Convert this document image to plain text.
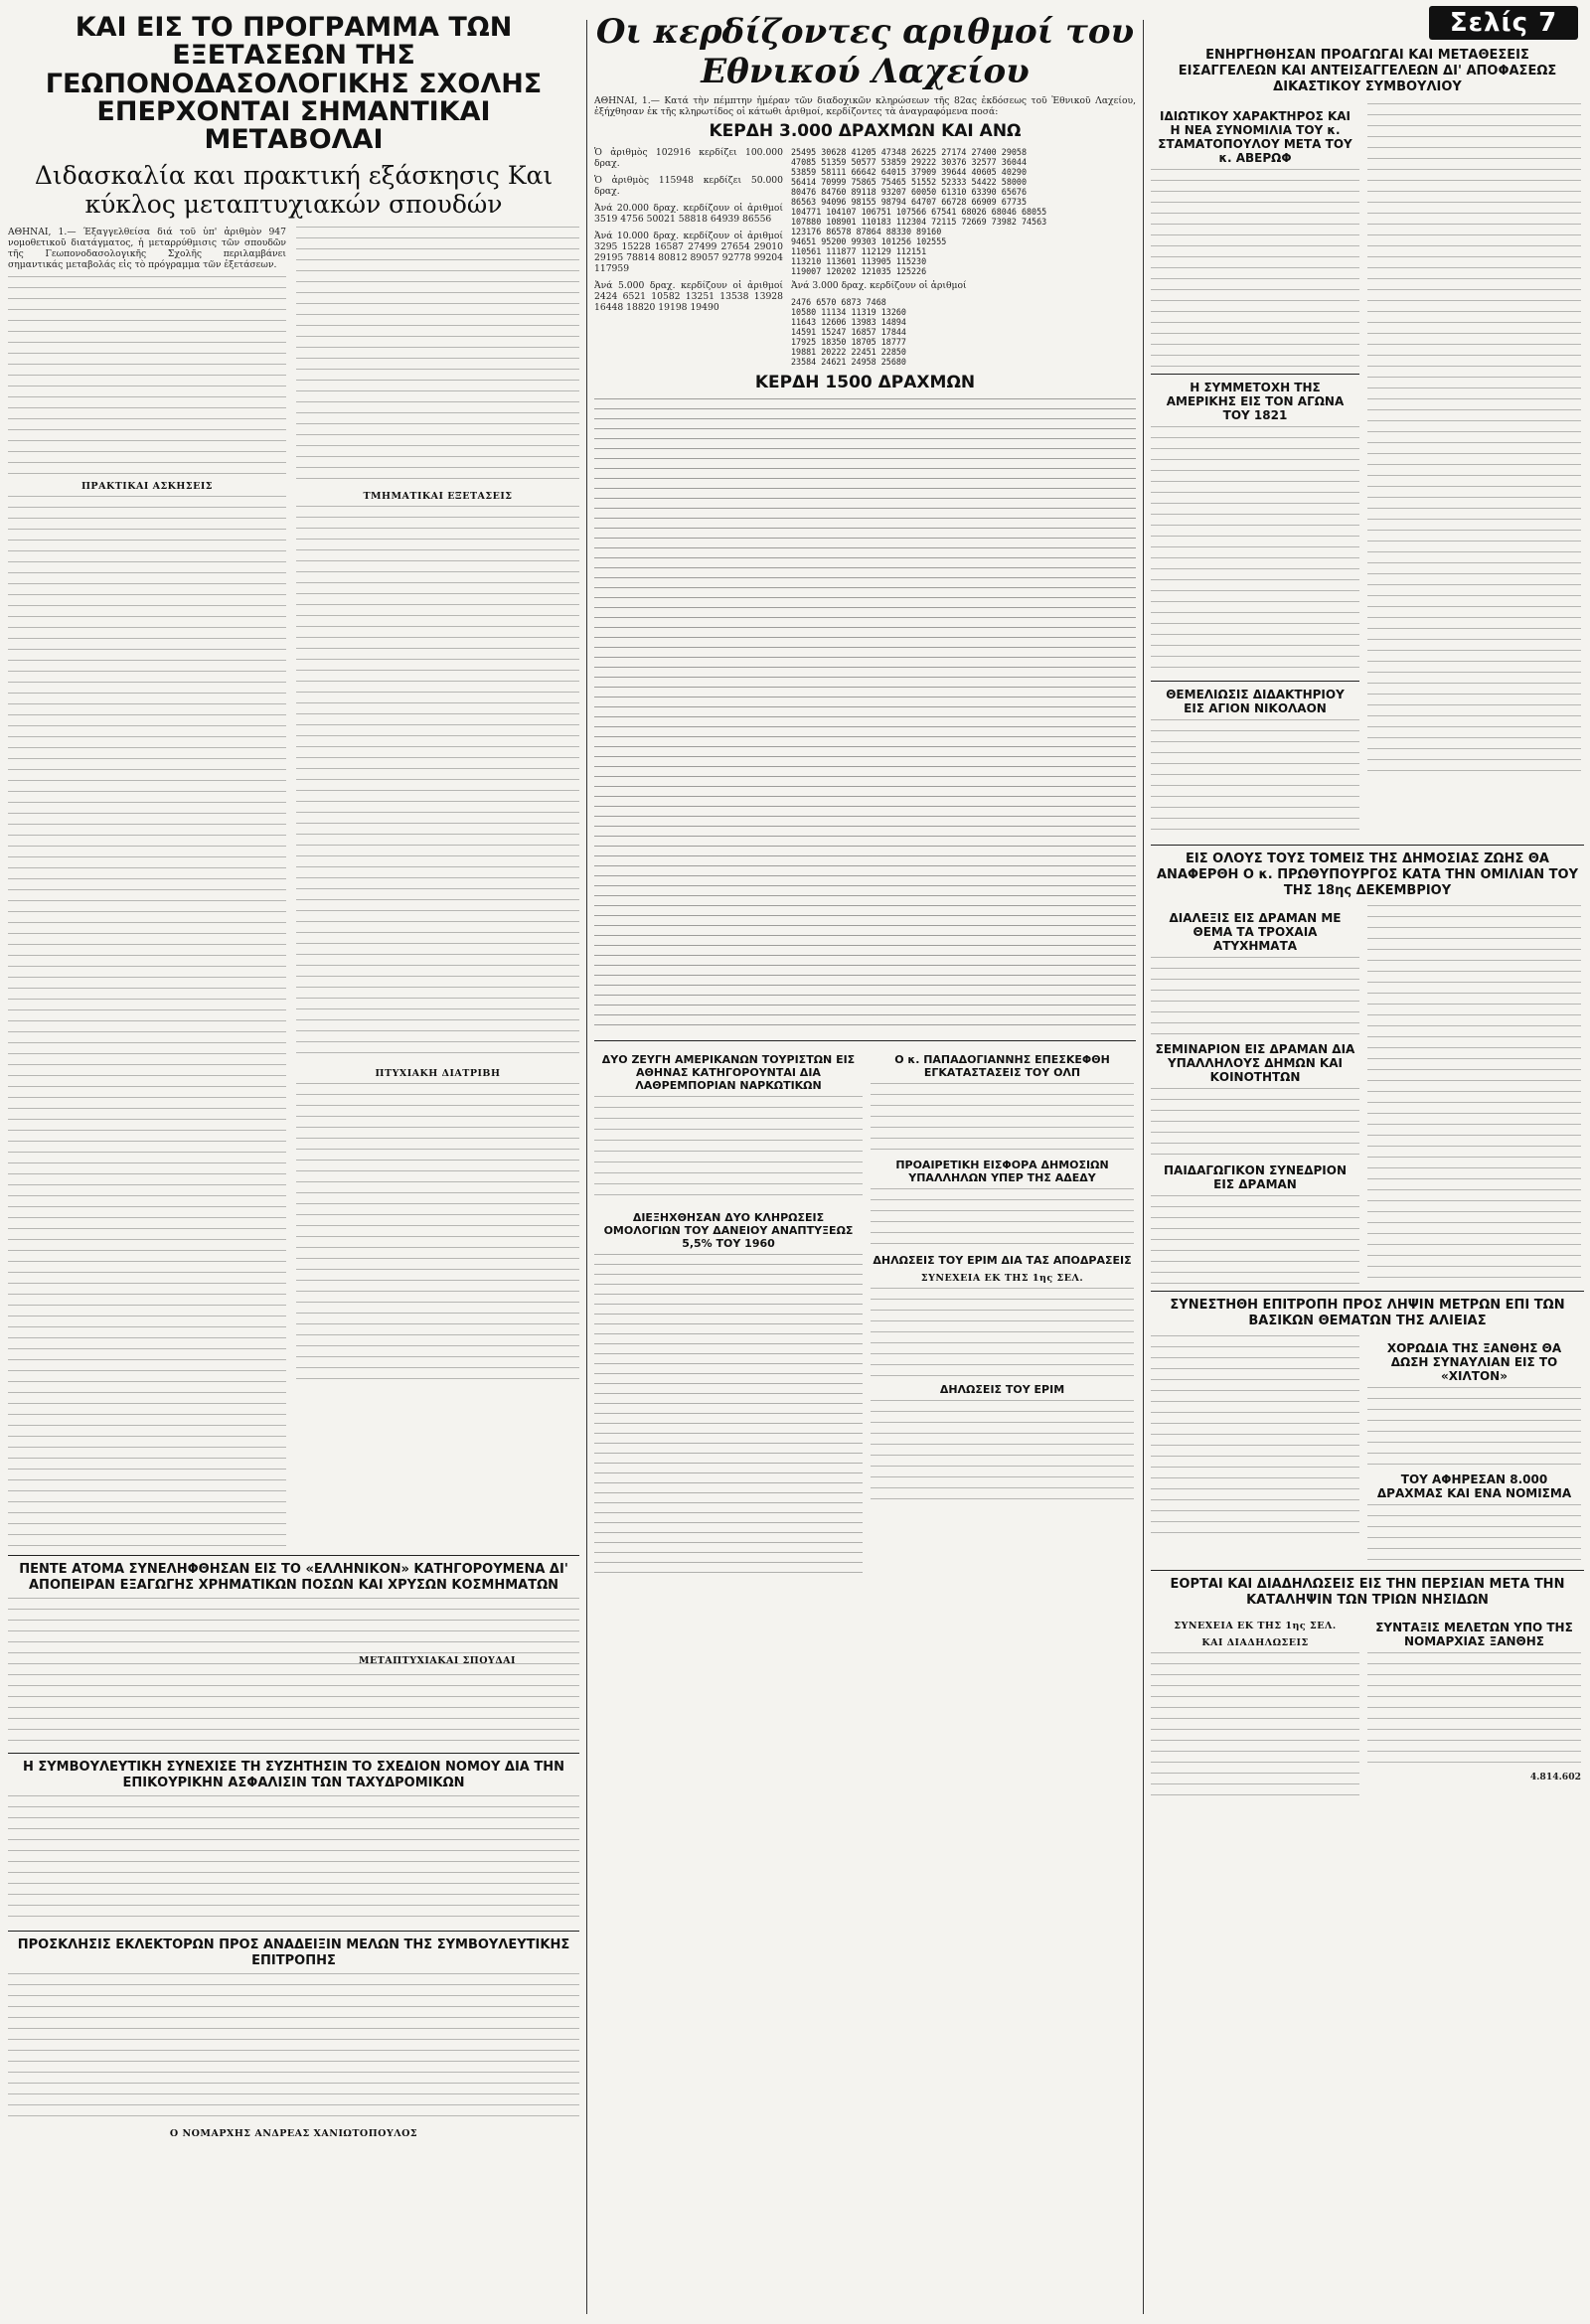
ΚΑΙ ΕΙΣ ΤΟ ΠΡΟΓΡΑΜΜΑ ΤΩΝ ΕΞΕΤΑΣΕΩΝ ΤΗΣ ΓΕΩΠΟΝΟΔΑΣΟΛΟΓΙΚΗΣ ΣΧΟΛΗΣ ΕΠΕΡΧΟΝΤΑΙ ΣΗΜΑΝΤΙΚΑΙ ΜΕΤΑΒΟΛΑΙ
Διδασκαλία και πρακτική εξάσκησις Και κύκλος μεταπτυχιακών σπουδών

ΑΘΗΝΑΙ, 1.— Έξαγγελθείσα διά τοῦ ὑπ' ἀριθμὸν 947 νομοθετικοῦ διατάγματος, ἡ μεταρρύθμισις τῶν σπουδῶν τῆς Γεωπονοδασολογικῆς Σχολῆς περιλαμβάνει σημαντικάς μεταβολάς εἰς τὸ πρόγραμμα τῶν ἐξετάσεων.

ΠΡΑΚΤΙΚΑΙ ΑΣΚΗΣΕΙΣ

ΤΜΗΜΑΤΙΚΑΙ ΕΞΕΤΑΣΕΙΣ

ΠΤΥΧΙΑΚΗ ΔΙΑΤΡΙΒΗ

ΠΕΝΤΕ ΑΤΟΜΑ ΣΥΝΕΛΗΦΘΗΣΑΝ ΕΙΣ ΤΟ «ΕΛΛΗΝΙΚΟΝ» ΚΑΤΗΓΟΡΟΥΜΕΝΑ ΔΙ' ΑΠΟΠΕΙΡΑΝ ΕΞΑΓΩΓΗΣ ΧΡΗΜΑΤΙΚΩΝ ΠΟΣΩΝ ΚΑΙ ΧΡΥΣΩΝ ΚΟΣΜΗΜΑΤΩΝ
Η ΣΥΜΒΟΥΛΕΥΤΙΚΗ ΣΥΝΕΧΙΣΕ ΤΗ ΣΥΖΗΤΗΣΙΝ ΤΟ ΣΧΕΔΙΟΝ ΝΟΜΟΥ ΔΙΑ ΤΗΝ ΕΠΙΚΟΥΡΙΚΗΝ ΑΣΦΑΛΙΣΙΝ ΤΩΝ ΤΑΧΥΔΡΟΜΙΚΩΝ
ΠΡΟΣΚΛΗΣΙΣ ΕΚΛΕΚΤΟΡΩΝ ΠΡΟΣ ΑΝΑΔΕΙΞΙΝ ΜΕΛΩΝ ΤΗΣ ΣΥΜΒΟΥΛΕΥΤΙΚΗΣ ΕΠΙΤΡΟΠΗΣ

Ο ΝΟΜΑΡΧΗΣ ΑΝΔΡΕΑΣ ΧΑΝΙΩΤΟΠΟΥΛΟΣ

ΜΕΤΑΠΤΥΧΙΑΚΑΙ ΣΠΟΥΔΑΙ

Οι κερδίζοντες αριθμοί του Εθνικού Λαχείου

ΑΘΗΝΑΙ, 1.— Κατά τὴν πέμπτην ἡμέραν τῶν διαδοχικῶν κληρώσεων τῆς 82ας ἐκδόσεως τοῦ Ἐθνικοῦ Λαχείου, ἐξήχθησαν ἐκ τῆς κληρωτίδος οἱ κάτωθι ἀριθμοί, κερδίζοντες τὰ ἀναγραφόμενα ποσά:

ΚΕΡΔΗ 3.000 ΔΡΑΧΜΩΝ ΚΑΙ ΑΝΩ

Ὁ ἀριθμὸς 102916 κερδίζει 100.000 δραχ.

Ὁ ἀριθμὸς 115948 κερδίζει 50.000 δραχ.

Ἀνά 20.000 δραχ. κερδίζουν οἱ ἀριθμοί 3519 4756 50021 58818 64939 86556

Ἀνά 10.000 δραχ. κερδίζουν οἱ ἀριθμοί 3295 15228 16587 27499 27654 29010 29195 78814 80812 89057 92778 99204 117959

Ἀνά 5.000 δραχ. κερδίζουν οἱ ἀριθμοί 2424 6521 10582 13251 13538 13928 16448 18820 19198 19490

25495 30628 41205 47348 26225 27174 27400 29058
47085 51359 50577 53859 29222 30376 32577 36044
53859 58111 66642 64015 37909 39644 40605 40290
56414 70999 75865 75465 51552 52333 54422 58000
80476 84760 89118 93207 60050 61310 63390 65676
86563 94096 98155 98794 64707 66728 66909 67735
104771 104107 106751 107566 67541 68026 68046 68055
107880 108901 110183 112304 72115 72669 73982 74563
123176 86578 87864 88330 89160
94651 95200 99303 101256 102555
110561 111877 112129 112151
113210 113601 113905 115230
119007 120202 121035 125226

Ἀνά 3.000 δραχ. κερδίζουν οἱ ἀριθμοί

2476 6570 6873 7468
10580 11134 11319 13260
11643 12606 13983 14894
14591 15247 16857 17844
17925 18350 18705 18777
19881 20222 22451 22850
23584 24621 24958 25680
ΚΕΡΔΗ 1500 ΔΡΑΧΜΩΝ
ΔΥΟ ΖΕΥΓΗ ΑΜΕΡΙΚΑΝΩΝ ΤΟΥΡΙΣΤΩΝ ΕΙΣ ΑΘΗΝΑΣ ΚΑΤΗΓΟΡΟΥΝΤΑΙ ΔΙΑ ΛΑΘΡΕΜΠΟΡΙΑΝ ΝΑΡΚΩΤΙΚΩΝ
ΔΙΕΞΗΧΘΗΣΑΝ ΔΥΟ ΚΛΗΡΩΣΕΙΣ ΟΜΟΛΟΓΙΩΝ ΤΟΥ ΔΑΝΕΙΟΥ ΑΝΑΠΤΥΞΕΩΣ 5,5% ΤΟΥ 1960
Ο κ. ΠΑΠΑΔΟΓΙΑΝΝΗΣ ΕΠΕΣΚΕΦΘΗ ΕΓΚΑΤΑΣΤΑΣΕΙΣ ΤΟΥ ΟΛΠ
ΠΡΟΑΙΡΕΤΙΚΗ ΕΙΣΦΟΡΑ ΔΗΜΟΣΙΩΝ ΥΠΑΛΛΗΛΩΝ ΥΠΕΡ ΤΗΣ ΑΔΕΔΥ
ΔΗΛΩΣΕΙΣ ΤΟΥ ΕΡΙΜ ΔΙΑ ΤΑΣ ΑΠΟΔΡΑΣΕΙΣ

ΣΥΝΕΧΕΙΑ ΕΚ ΤΗΣ 1ης ΣΕΛ.

ΔΗΛΩΣΕΙΣ ΤΟΥ ΕΡΙΜ
Σελίς 7
ΕΝΗΡΓΗΘΗΣΑΝ ΠΡΟΑΓΩΓΑΙ ΚΑΙ ΜΕΤΑΘΕΣΕΙΣ ΕΙΣΑΓΓΕΛΕΩΝ ΚΑΙ ΑΝΤΕΙΣΑΓΓΕΛΕΩΝ ΔΙ' ΑΠΟΦΑΣΕΩΣ ΔΙΚΑΣΤΙΚΟΥ ΣΥΜΒΟΥΛΙΟΥ
ΙΔΙΩΤΙΚΟΥ ΧΑΡΑΚΤΗΡΟΣ ΚΑΙ Η ΝΕΑ ΣΥΝΟΜΙΛΙΑ ΤΟΥ κ. ΣΤΑΜΑΤΟΠΟΥΛΟΥ ΜΕΤΑ ΤΟΥ κ. ΑΒΕΡΩΦ
Η ΣΥΜΜΕΤΟΧΗ ΤΗΣ ΑΜΕΡΙΚΗΣ ΕΙΣ ΤΟΝ ΑΓΩΝΑ ΤΟΥ 1821
ΘΕΜΕΛΙΩΣΙΣ ΔΙΔΑΚΤΗΡΙΟΥ ΕΙΣ ΑΓΙΟΝ ΝΙΚΟΛΑΟΝ
ΕΙΣ ΟΛΟΥΣ ΤΟΥΣ ΤΟΜΕΙΣ ΤΗΣ ΔΗΜΟΣΙΑΣ ΖΩΗΣ ΘΑ ΑΝΑΦΕΡΘΗ Ο κ. ΠΡΩΘΥΠΟΥΡΓΟΣ ΚΑΤΑ ΤΗΝ ΟΜΙΛΙΑΝ ΤΟΥ ΤΗΣ 18ης ΔΕΚΕΜΒΡΙΟΥ
ΔΙΑΛΕΞΙΣ ΕΙΣ ΔΡΑΜΑΝ ΜΕ ΘΕΜΑ ΤΑ ΤΡΟΧΑΙΑ ΑΤΥΧΗΜΑΤΑ
ΣΕΜΙΝΑΡΙΟΝ ΕΙΣ ΔΡΑΜΑΝ ΔΙΑ ΥΠΑΛΛΗΛΟΥΣ ΔΗΜΩΝ ΚΑΙ ΚΟΙΝΟΤΗΤΩΝ
ΠΑΙΔΑΓΩΓΙΚΟΝ ΣΥΝΕΔΡΙΟΝ ΕΙΣ ΔΡΑΜΑΝ
ΣΥΝΕΣΤΗΘΗ ΕΠΙΤΡΟΠΗ ΠΡΟΣ ΛΗΨΙΝ ΜΕΤΡΩΝ ΕΠΙ ΤΩΝ ΒΑΣΙΚΩΝ ΘΕΜΑΤΩΝ ΤΗΣ ΑΛΙΕΙΑΣ
ΧΟΡΩΔΙΑ ΤΗΣ ΞΑΝΘΗΣ ΘΑ ΔΩΣΗ ΣΥΝΑΥΛΙΑΝ ΕΙΣ ΤΟ «ΧΙΛΤΟΝ»
ΤΟΥ ΑΦΗΡΕΣΑΝ 8.000 ΔΡΑΧΜΑΣ ΚΑΙ ΕΝΑ ΝΟΜΙΣΜΑ
ΕΟΡΤΑΙ ΚΑΙ ΔΙΑΔΗΛΩΣΕΙΣ ΕΙΣ ΤΗΝ ΠΕΡΣΙΑΝ ΜΕΤΑ ΤΗΝ ΚΑΤΑΛΗΨΙΝ ΤΩΝ ΤΡΙΩΝ ΝΗΣΙΔΩΝ

ΣΥΝΕΧΕΙΑ ΕΚ ΤΗΣ 1ης ΣΕΛ.

ΚΑΙ ΔΙΑΔΗΛΩΣΕΙΣ

ΣΥΝΤΑΞΙΣ ΜΕΛΕΤΩΝ ΥΠΟ ΤΗΣ ΝΟΜΑΡΧΙΑΣ ΞΑΝΘΗΣ

4.814.602
